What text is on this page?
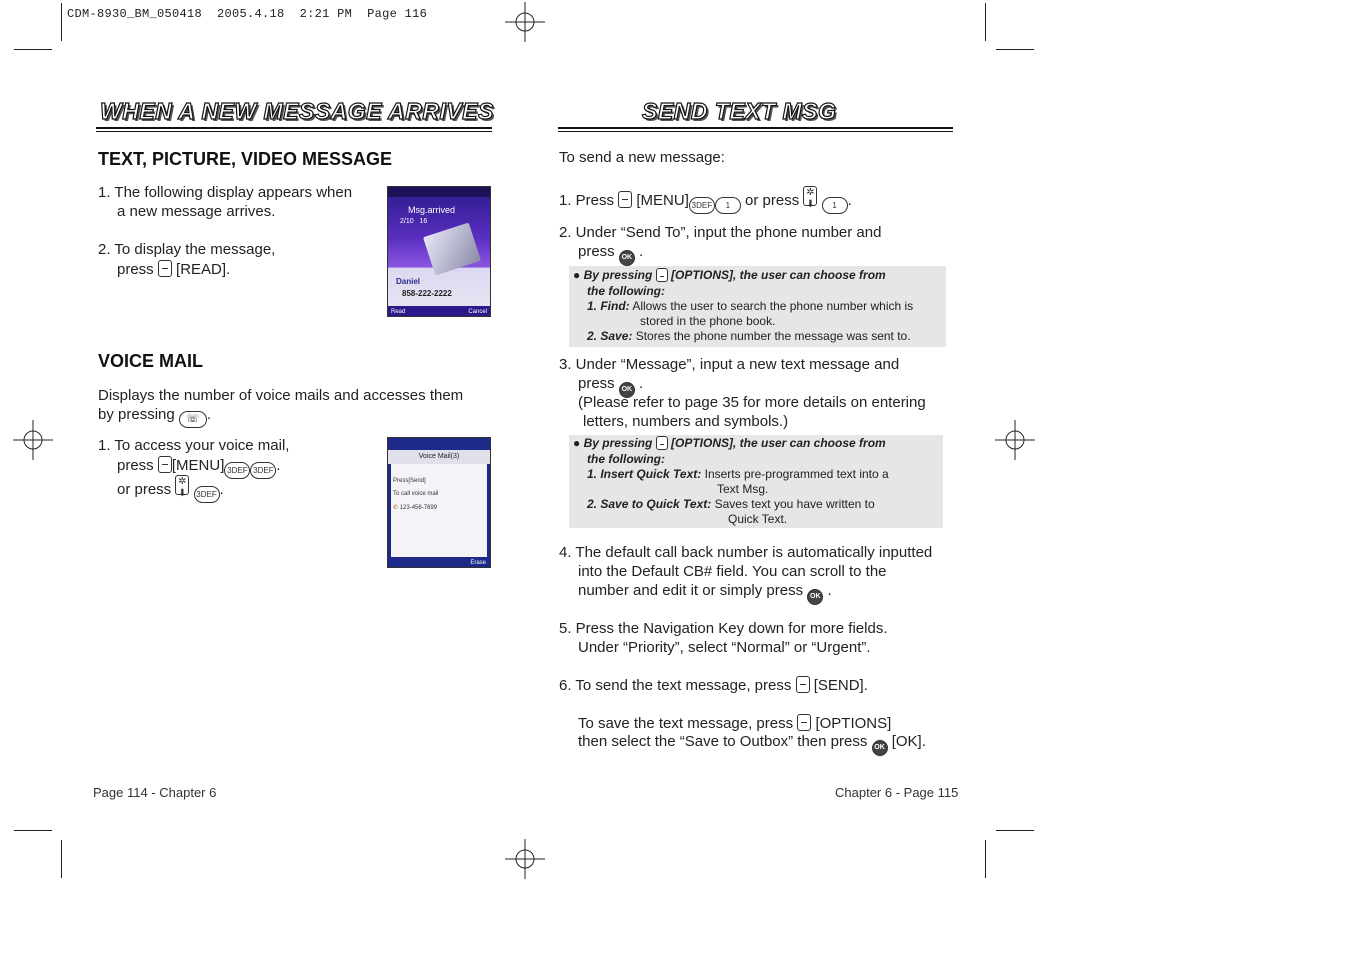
CDM-8930_BM_050418 2005.4.18 2:21 PM Page 116
WHEN A NEW MESSAGE ARRIVES
TEXT, PICTURE, VIDEO MESSAGE
1. The following display appears when
a new message arrives.
2. To display the message,
press [READ].
Msg.arrived
2/10   16
Daniel
858-222-2222
Read	Cancel
VOICE MAIL
Displays the number of voice mails and accesses them
by pressing ☏ .
1. To access your voice mail,
press [MENU] 3DEF 3DEF .
or press ✲
⬇ 3DEF .
Voice Mail(3)
Press[Send]
To call voice mail
✆ 123-456-7899
Erase
Page 114 - Chapter 6
SEND TEXT MSG
To send a new message:
1. Press [MENU] 3DEF 1 or press ✲
⬇ 1 .
2. Under “Send To”, input the phone number and
press OK .
● By pressing [OPTIONS], the user can choose from
the following:
1. Find: Allows the user to search the phone number which is
stored in the phone book.
2. Save: Stores the phone number the message was sent to.
3. Under “Message”, input a new text message and
press OK .
(Please refer to page 35 for more details on entering
letters, numbers and symbols.)
● By pressing [OPTIONS], the user can choose from
the following:
1. Insert Quick Text: Inserts pre-programmed text into a
Text Msg.
2. Save to Quick Text: Saves text you have written to
Quick Text.
4. The default call back number is automatically inputted
into the Default CB# field. You can scroll to the
number and edit it or simply press OK .
5. Press the Navigation Key down for more fields.
Under “Priority”, select “Normal” or “Urgent”.
6. To send the text message, press [SEND].
To save the text message, press [OPTIONS]
then select the “Save to Outbox” then press OK [OK].
Chapter 6 - Page 115
